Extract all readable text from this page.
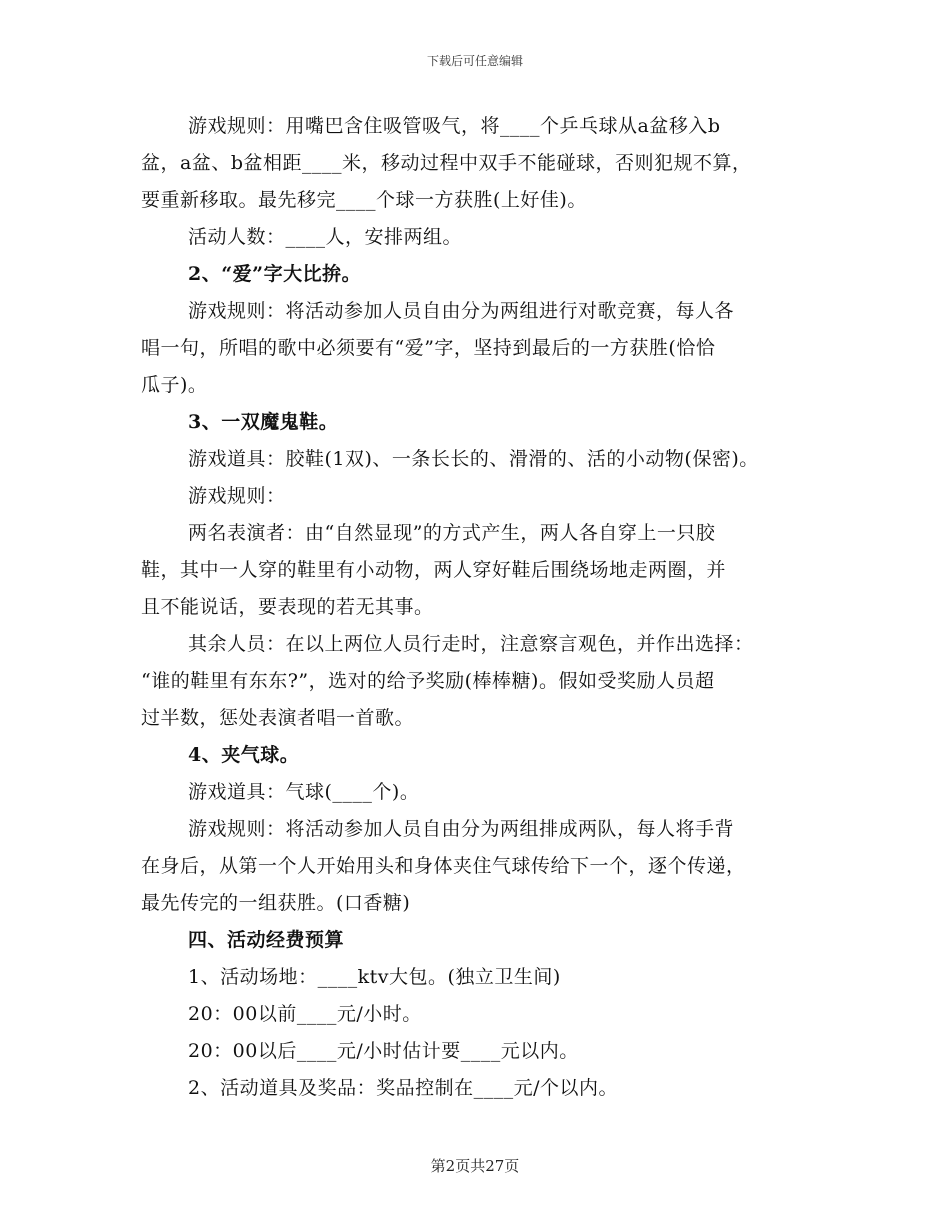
下载后可任意编辑
游戏规则：用嘴巴含住吸管吸气，将____个乒乓球从a盆移入b
盆，a盆、b盆相距____米，移动过程中双手不能碰球，否则犯规不算，
要重新移取。最先移完____个球一方获胜(上好佳)。
活动人数：____人，安排两组。
2、“爱”字大比拚。
游戏规则：将活动参加人员自由分为两组进行对歌竞赛，每人各
唱一句，所唱的歌中必须要有“爱”字，坚持到最后的一方获胜(恰恰
瓜子)。
3、一双魔鬼鞋。
游戏道具：胶鞋(1双)、一条长长的、滑滑的、活的小动物(保密)。
游戏规则：
两名表演者：由“自然显现”的方式产生，两人各自穿上一只胶
鞋，其中一人穿的鞋里有小动物，两人穿好鞋后围绕场地走两圈，并
且不能说话，要表现的若无其事。
其余人员：在以上两位人员行走时，注意察言观色，并作出选择：
“谁的鞋里有东东?”，选对的给予奖励(棒棒糖)。假如受奖励人员超
过半数，惩处表演者唱一首歌。
4、夹气球。
游戏道具：气球(____个)。
游戏规则：将活动参加人员自由分为两组排成两队，每人将手背
在身后，从第一个人开始用头和身体夹住气球传给下一个，逐个传递，
最先传完的一组获胜。(口香糖)
四、活动经费预算
1、活动场地：____ktv大包。(独立卫生间)
20：00以前____元/小时。
20：00以后____元/小时估计要____元以内。
2、活动道具及奖品：奖品控制在____元/个以内。
第2页共27页
